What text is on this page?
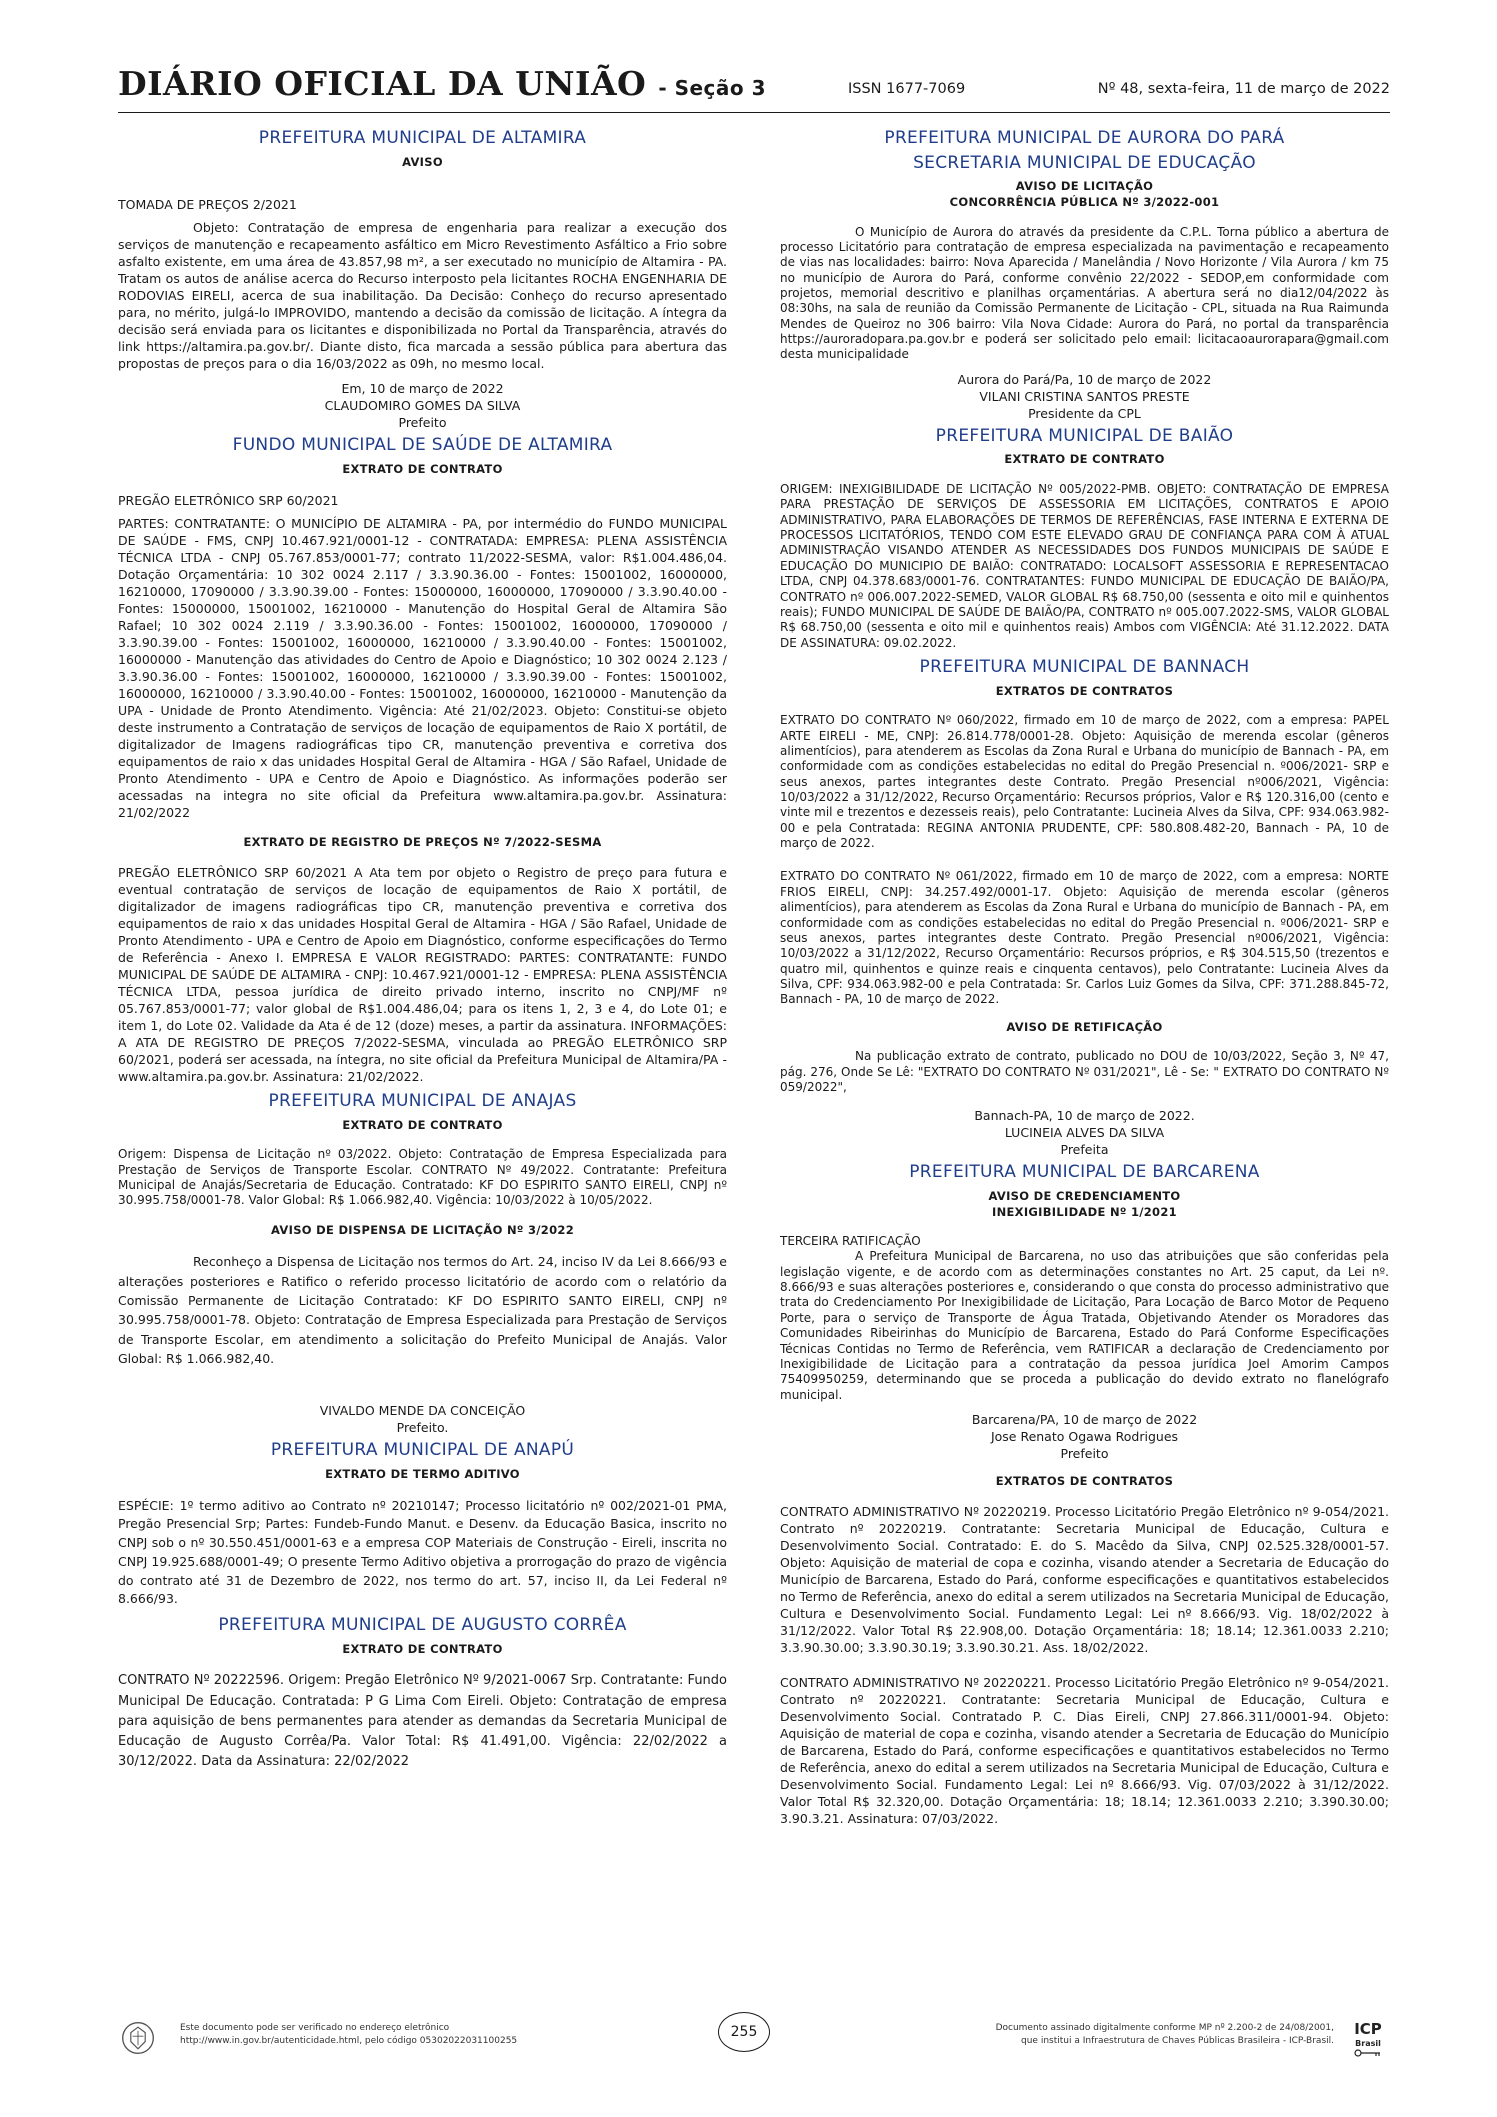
DIÁRIO OFICIAL DA UNIÃO - Seção 3	ISSN 1677-7069	Nº 48, sexta-feira, 11 de março de 2022
PREFEITURA MUNICIPAL DE ALTAMIRA
AVISO

TOMADA DE PREÇOS 2/2021

Objeto: Contratação de empresa de engenharia para realizar a execução dos serviços de manutenção e recapeamento asfáltico em Micro Revestimento Asfáltico a Frio sobre asfalto existente, em uma área de 43.857,98 m², a ser executado no município de Altamira - PA. Tratam os autos de análise acerca do Recurso interposto pela licitantes ROCHA ENGENHARIA DE RODOVIAS EIRELI, acerca de sua inabilitação. Da Decisão: Conheço do recurso apresentado para, no mérito, julgá-lo IMPROVIDO, mantendo a decisão da comissão de licitação. A íntegra da decisão será enviada para os licitantes e disponibilizada no Portal da Transparência, através do link https://altamira.pa.gov.br/. Diante disto, fica marcada a sessão pública para abertura das propostas de preços para o dia 16/03/2022 as 09h, no mesmo local.

Em, 10 de março de 2022
CLAUDOMIRO GOMES DA SILVA
Prefeito
FUNDO MUNICIPAL DE SAÚDE DE ALTAMIRA
EXTRATO DE CONTRATO

PREGÃO ELETRÔNICO SRP 60/2021

PARTES: CONTRATANTE: O MUNICÍPIO DE ALTAMIRA - PA, por intermédio do FUNDO MUNICIPAL DE SAÚDE - FMS, CNPJ 10.467.921/0001-12 - CONTRATADA: EMPRESA: PLENA ASSISTÊNCIA TÉCNICA LTDA - CNPJ 05.767.853/0001-77; contrato 11/2022-SESMA, valor: R$1.004.486,04. Dotação Orçamentária: 10 302 0024 2.117 / 3.3.90.36.00 - Fontes: 15001002, 16000000, 16210000, 17090000 / 3.3.90.39.00 - Fontes: 15000000, 16000000, 17090000 / 3.3.90.40.00 - Fontes: 15000000, 15001002, 16210000 - Manutenção do Hospital Geral de Altamira São Rafael; 10 302 0024 2.119 / 3.3.90.36.00 - Fontes: 15001002, 16000000, 17090000 / 3.3.90.39.00 - Fontes: 15001002, 16000000, 16210000 / 3.3.90.40.00 - Fontes: 15001002, 16000000 - Manutenção das atividades do Centro de Apoio e Diagnóstico; 10 302 0024 2.123 / 3.3.90.36.00 - Fontes: 15001002, 16000000, 16210000 / 3.3.90.39.00 - Fontes: 15001002, 16000000, 16210000 / 3.3.90.40.00 - Fontes: 15001002, 16000000, 16210000 - Manutenção da UPA - Unidade de Pronto Atendimento. Vigência: Até 21/02/2023. Objeto: Constitui-se objeto deste instrumento a Contratação de serviços de locação de equipamentos de Raio X portátil, de digitalizador de Imagens radiográficas tipo CR, manutenção preventiva e corretiva dos equipamentos de raio x das unidades Hospital Geral de Altamira - HGA / São Rafael, Unidade de Pronto Atendimento - UPA e Centro de Apoio e Diagnóstico. As informações poderão ser acessadas na integra no site oficial da Prefeitura www.altamira.pa.gov.br. Assinatura: 21/02/2022

EXTRATO DE REGISTRO DE PREÇOS Nº 7/2022-SESMA

PREGÃO ELETRÔNICO SRP 60/2021 A Ata tem por objeto o Registro de preço para futura e eventual contratação de serviços de locação de equipamentos de Raio X portátil, de digitalizador de imagens radiográficas tipo CR, manutenção preventiva e corretiva dos equipamentos de raio x das unidades Hospital Geral de Altamira - HGA / São Rafael, Unidade de Pronto Atendimento - UPA e Centro de Apoio em Diagnóstico, conforme especificações do Termo de Referência - Anexo I. EMPRESA E VALOR REGISTRADO: PARTES: CONTRATANTE: FUNDO MUNICIPAL DE SAÚDE DE ALTAMIRA - CNPJ: 10.467.921/0001-12 - EMPRESA: PLENA ASSISTÊNCIA TÉCNICA LTDA, pessoa jurídica de direito privado interno, inscrito no CNPJ/MF nº 05.767.853/0001-77; valor global de R$1.004.486,04; para os itens 1, 2, 3 e 4, do Lote 01; e item 1, do Lote 02. Validade da Ata é de 12 (doze) meses, a partir da assinatura. INFORMAÇÕES: A ATA DE REGISTRO DE PREÇOS 7/2022-SESMA, vinculada ao PREGÃO ELETRÔNICO SRP 60/2021, poderá ser acessada, na íntegra, no site oficial da Prefeitura Municipal de Altamira/PA - www.altamira.pa.gov.br. Assinatura: 21/02/2022.

PREFEITURA MUNICIPAL DE ANAJAS
EXTRATO DE CONTRATO

Origem: Dispensa de Licitação nº 03/2022. Objeto: Contratação de Empresa Especializada para Prestação de Serviços de Transporte Escolar. CONTRATO Nº 49/2022. Contratante: Prefeitura Municipal de Anajás/Secretaria de Educação. Contratado: KF DO ESPIRITO SANTO EIRELI, CNPJ nº 30.995.758/0001-78. Valor Global: R$ 1.066.982,40. Vigência: 10/03/2022 à 10/05/2022.

AVISO DE DISPENSA DE LICITAÇÃO Nº 3/2022

Reconheço a Dispensa de Licitação nos termos do Art. 24, inciso IV da Lei 8.666/93 e alterações posteriores e Ratifico o referido processo licitatório de acordo com o relatório da Comissão Permanente de Licitação Contratado: KF DO ESPIRITO SANTO EIRELI, CNPJ nº 30.995.758/0001-78. Objeto: Contratação de Empresa Especializada para Prestação de Serviços de Transporte Escolar, em atendimento a solicitação do Prefeito Municipal de Anajás. Valor Global: R$ 1.066.982,40.

VIVALDO MENDE DA CONCEIÇÃO
Prefeito.
PREFEITURA MUNICIPAL DE ANAPÚ
EXTRATO DE TERMO ADITIVO

ESPÉCIE: 1º termo aditivo ao Contrato nº 20210147; Processo licitatório nº 002/2021-01 PMA, Pregão Presencial Srp; Partes: Fundeb-Fundo Manut. e Desenv. da Educação Basica, inscrito no CNPJ sob o nº 30.550.451/0001-63 e a empresa COP Materiais de Construção - Eireli, inscrita no CNPJ 19.925.688/0001-49; O presente Termo Aditivo objetiva a prorrogação do prazo de vigência do contrato até 31 de Dezembro de 2022, nos termo do art. 57, inciso II, da Lei Federal nº 8.666/93.

PREFEITURA MUNICIPAL DE AUGUSTO CORRÊA
EXTRATO DE CONTRATO

CONTRATO Nº 20222596. Origem: Pregão Eletrônico Nº 9/2021-0067 Srp. Contratante: Fundo Municipal De Educação. Contratada: P G Lima Com Eireli. Objeto: Contratação de empresa para aquisição de bens permanentes para atender as demandas da Secretaria Municipal de Educação de Augusto Corrêa/Pa. Valor Total: R$ 41.491,00. Vigência: 22/02/2022 a 30/12/2022. Data da Assinatura: 22/02/2022

PREFEITURA MUNICIPAL DE AURORA DO PARÁ
SECRETARIA MUNICIPAL DE EDUCAÇÃO
AVISO DE LICITAÇÃO
CONCORRÊNCIA PÚBLICA Nº 3/2022-001

O Município de Aurora do através da presidente da C.P.L. Torna público a abertura de processo Licitatório para contratação de empresa especializada na pavimentação e recapeamento de vias nas localidades: bairro: Nova Aparecida / Manelândia / Novo Horizonte / Vila Aurora / km 75 no município de Aurora do Pará, conforme convênio 22/2022 - SEDOP,em conformidade com projetos, memorial descritivo e planilhas orçamentárias. A abertura será no dia12/04/2022 às 08:30hs, na sala de reunião da Comissão Permanente de Licitação - CPL, situada na Rua Raimunda Mendes de Queiroz no 306 bairro: Vila Nova Cidade: Aurora do Pará, no portal da transparência https://auroradopara.pa.gov.br e poderá ser solicitado pelo email: licitacaoaurorapara@gmail.com desta municipalidade

Aurora do Pará/Pa, 10 de março de 2022
VILANI CRISTINA SANTOS PRESTE
Presidente da CPL
PREFEITURA MUNICIPAL DE BAIÃO
EXTRATO DE CONTRATO

ORIGEM: INEXIGIBILIDADE DE LICITAÇÃO Nº 005/2022-PMB. OBJETO: CONTRATAÇÃO DE EMPRESA PARA PRESTAÇÃO DE SERVIÇOS DE ASSESSORIA EM LICITAÇÕES, CONTRATOS E APOIO ADMINISTRATIVO, PARA ELABORAÇÕES DE TERMOS DE REFERÊNCIAS, FASE INTERNA E EXTERNA DE PROCESSOS LICITATÓRIOS, TENDO COM ESTE ELEVADO GRAU DE CONFIANÇA PARA COM À ATUAL ADMINISTRAÇÃO VISANDO ATENDER AS NECESSIDADES DOS FUNDOS MUNICIPAIS DE SAÚDE E EDUCAÇÃO DO MUNICIPIO DE BAIÃO: CONTRATADO: LOCALSOFT ASSESSORIA E REPRESENTACAO LTDA, CNPJ 04.378.683/0001-76. CONTRATANTES: FUNDO MUNICIPAL DE EDUCAÇÃO DE BAIÃO/PA, CONTRATO nº 006.007.2022-SEMED, VALOR GLOBAL R$ 68.750,00 (sessenta e oito mil e quinhentos reais); FUNDO MUNICIPAL DE SAÚDE DE BAIÃO/PA, CONTRATO nº 005.007.2022-SMS, VALOR GLOBAL R$ 68.750,00 (sessenta e oito mil e quinhentos reais) Ambos com VIGÊNCIA: Até 31.12.2022. DATA DE ASSINATURA: 09.02.2022.

PREFEITURA MUNICIPAL DE BANNACH
EXTRATOS DE CONTRATOS

EXTRATO DO CONTRATO Nº 060/2022, firmado em 10 de março de 2022, com a empresa: PAPEL ARTE EIRELI - ME, CNPJ: 26.814.778/0001-28. Objeto: Aquisição de merenda escolar (gêneros alimentícios), para atenderem as Escolas da Zona Rural e Urbana do município de Bannach - PA, em conformidade com as condições estabelecidas no edital do Pregão Presencial n. º006/2021- SRP e seus anexos, partes integrantes deste Contrato. Pregão Presencial nº006/2021, Vigência: 10/03/2022 a 31/12/2022, Recurso Orçamentário: Recursos próprios, Valor e R$ 120.316,00 (cento e vinte mil e trezentos e dezesseis reais), pelo Contratante: Lucineia Alves da Silva, CPF: 934.063.982-00 e pela Contratada: REGINA ANTONIA PRUDENTE, CPF: 580.808.482-20, Bannach - PA, 10 de março de 2022.

EXTRATO DO CONTRATO Nº 061/2022, firmado em 10 de março de 2022, com a empresa: NORTE FRIOS EIRELI, CNPJ: 34.257.492/0001-17. Objeto: Aquisição de merenda escolar (gêneros alimentícios), para atenderem as Escolas da Zona Rural e Urbana do município de Bannach - PA, em conformidade com as condições estabelecidas no edital do Pregão Presencial n. º006/2021- SRP e seus anexos, partes integrantes deste Contrato. Pregão Presencial nº006/2021, Vigência: 10/03/2022 a 31/12/2022, Recurso Orçamentário: Recursos próprios, e R$ 304.515,50 (trezentos e quatro mil, quinhentos e quinze reais e cinquenta centavos), pelo Contratante: Lucineia Alves da Silva, CPF: 934.063.982-00 e pela Contratada: Sr. Carlos Luiz Gomes da Silva, CPF: 371.288.845-72, Bannach - PA, 10 de março de 2022.

AVISO DE RETIFICAÇÃO

Na publicação extrato de contrato, publicado no DOU de 10/03/2022, Seção 3, Nº 47, pág. 276, Onde Se Lê: "EXTRATO DO CONTRATO Nº 031/2021", Lê - Se: " EXTRATO DO CONTRATO Nº 059/2022",

Bannach-PA, 10 de março de 2022.
LUCINEIA ALVES DA SILVA
Prefeita
PREFEITURA MUNICIPAL DE BARCARENA
AVISO DE CREDENCIAMENTO
INEXIGIBILIDADE Nº 1/2021

TERCEIRA RATIFICAÇÃO

A Prefeitura Municipal de Barcarena, no uso das atribuições que são conferidas pela legislação vigente, e de acordo com as determinações constantes no Art. 25 caput, da Lei nº. 8.666/93 e suas alterações posteriores e, considerando o que consta do processo administrativo que trata do Credenciamento Por Inexigibilidade de Licitação, Para Locação de Barco Motor de Pequeno Porte, para o serviço de Transporte de Água Tratada, Objetivando Atender os Moradores das Comunidades Ribeirinhas do Município de Barcarena, Estado do Pará Conforme Especificações Técnicas Contidas no Termo de Referência, vem RATIFICAR a declaração de Credenciamento por Inexigibilidade de Licitação para a contratação da pessoa jurídica Joel Amorim Campos 75409950259, determinando que se proceda a publicação do devido extrato no flanelógrafo municipal.

Barcarena/PA, 10 de março de 2022
Jose Renato Ogawa Rodrigues
Prefeito
EXTRATOS DE CONTRATOS

CONTRATO ADMINISTRATIVO Nº 20220219. Processo Licitatório Pregão Eletrônico nº 9-054/2021. Contrato nº 20220219. Contratante: Secretaria Municipal de Educação, Cultura e Desenvolvimento Social. Contratado: E. do S. Macêdo da Silva, CNPJ 02.525.328/0001-57. Objeto: Aquisição de material de copa e cozinha, visando atender a Secretaria de Educação do Município de Barcarena, Estado do Pará, conforme especificações e quantitativos estabelecidos no Termo de Referência, anexo do edital a serem utilizados na Secretaria Municipal de Educação, Cultura e Desenvolvimento Social. Fundamento Legal: Lei nº 8.666/93. Vig. 18/02/2022 à 31/12/2022. Valor Total R$ 22.908,00. Dotação Orçamentária: 18; 18.14; 12.361.0033 2.210; 3.3.90.30.00; 3.3.90.30.19; 3.3.90.30.21. Ass. 18/02/2022.

CONTRATO ADMINISTRATIVO Nº 20220221. Processo Licitatório Pregão Eletrônico nº 9-054/2021. Contrato nº 20220221. Contratante: Secretaria Municipal de Educação, Cultura e Desenvolvimento Social. Contratado P. C. Dias Eireli, CNPJ 27.866.311/0001-94. Objeto: Aquisição de material de copa e cozinha, visando atender a Secretaria de Educação do Município de Barcarena, Estado do Pará, conforme especificações e quantitativos estabelecidos no Termo de Referência, anexo do edital a serem utilizados na Secretaria Municipal de Educação, Cultura e Desenvolvimento Social. Fundamento Legal: Lei nº 8.666/93. Vig. 07/03/2022 à 31/12/2022. Valor Total R$ 32.320,00. Dotação Orçamentária: 18; 18.14; 12.361.0033 2.210; 3.390.30.00; 3.90.3.21. Assinatura: 07/03/2022.

Este documento pode ser verificado no endereço eletrônico
http://www.in.gov.br/autenticidade.html, pelo código 05302022031100255
255	Documento assinado digitalmente conforme MP nº 2.200-2 de 24/08/2001,
que institui a Infraestrutura de Chaves Públicas Brasileira - ICP-Brasil.
ICP
Brasil
